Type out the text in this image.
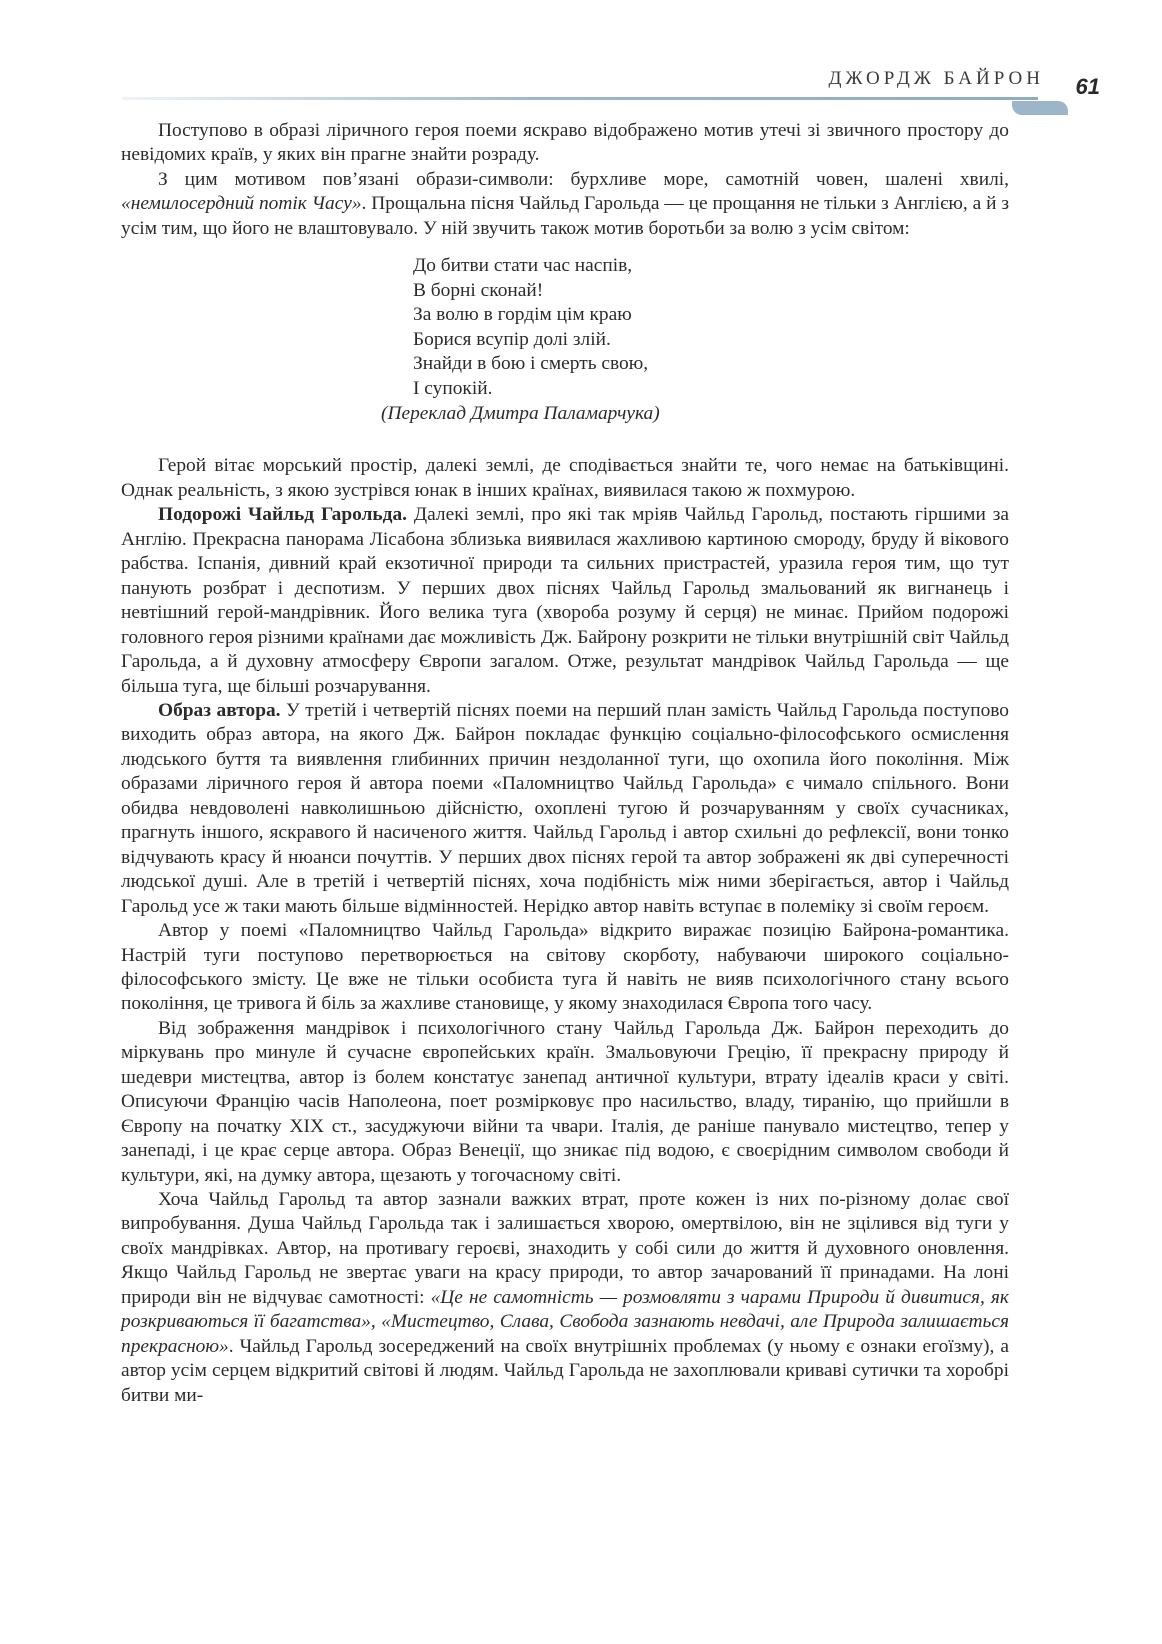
ДЖОРДЖ БАЙРОН 61

Поступово в образі ліричного героя поеми яскраво відображено мотив утечі зі звичного простору до невідомих країв, у яких він прагне знайти розраду.

З цим мотивом пов’язані образи-символи: бурхливе море, самотній човен, шалені хвилі, «немилосердний потік Часу». Прощальна пісня Чайльд Гарольда — це прощання не тільки з Англією, а й з усім тим, що його не влаштовувало. У ній звучить також мотив боротьби за волю з усім світом:

До битви стати час наспів,
В борні сконай!
За волю в гордім цім краю
Борися всупір долі злій.
Знайди в бою і смерть свою,
І супокій.
(Переклад Дмитра Паламарчука)

Герой вітає морський простір, далекі землі, де сподівається знайти те, чого немає на батьківщині. Однак реальність, з якою зустрівся юнак в інших країнах, виявилася такою ж похмурою.

Подорожі Чайльд Гарольда. Далекі землі, про які так мріяв Чайльд Гарольд, постають гіршими за Англію. Прекрасна панорама Лісабона зблизька виявилася жахливою картиною смороду, бруду й вікового рабства. Іспанія, дивний край екзотичної природи та сильних пристрастей, уразила героя тим, що тут панують розбрат і деспотизм. У перших двох піснях Чайльд Гарольд змальований як вигнанець і невтішний герой-мандрівник. Його велика туга (хвороба розуму й серця) не минає. Прийом подорожі головного героя різними країнами дає можливість Дж. Байрону розкрити не тільки внутрішній світ Чайльд Гарольда, а й духовну атмосферу Європи загалом. Отже, результат мандрівок Чайльд Гарольда — ще більша туга, ще більші розчарування.

Образ автора. У третій і четвертій піснях поеми на перший план замість Чайльд Гарольда поступово виходить образ автора, на якого Дж. Байрон покладає функцію соціально-філософського осмислення людського буття та виявлення глибинних причин нездоланної туги, що охопила його покоління. Між образами ліричного героя й автора поеми «Паломництво Чайльд Гарольда» є чимало спільного. Вони обидва невдоволені навколишньою дійсністю, охоплені тугою й розчаруванням у своїх сучасниках, прагнуть іншого, яскравого й насиченого життя. Чайльд Гарольд і автор схильні до рефлексії, вони тонко відчувають красу й нюанси почуттів. У перших двох піснях герой та автор зображені як дві суперечності людської душі. Але в третій і четвертій піснях, хоча подібність між ними зберігається, автор і Чайльд Гарольд усе ж таки мають більше відмінностей. Нерідко автор навіть вступає в полеміку зі своїм героєм.

Автор у поемі «Паломництво Чайльд Гарольда» відкрито виражає позицію Байрона-романтика. Настрій туги поступово перетворюється на світову скорботу, набуваючи широкого соціально-філософського змісту. Це вже не тільки особиста туга й навіть не вияв психологічного стану всього покоління, це тривога й біль за жахливе становище, у якому знаходилася Європа того часу.

Від зображення мандрівок і психологічного стану Чайльд Гарольда Дж. Байрон переходить до міркувань про минуле й сучасне європейських країн. Змальовуючи Грецію, її прекрасну природу й шедеври мистецтва, автор із болем констатує занепад античної культури, втрату ідеалів краси у світі. Описуючи Францію часів Наполеона, поет розмірковує про насильство, владу, тиранію, що прийшли в Європу на початку XIX ст., засуджуючи війни та чвари. Італія, де раніше панувало мистецтво, тепер у занепаді, і це крає серце автора. Образ Венеції, що зникає під водою, є своєрідним символом свободи й культури, які, на думку автора, щезають у тогочасному світі.

Хоча Чайльд Гарольд та автор зазнали важких втрат, проте кожен із них по-різному долає свої випробування. Душа Чайльд Гарольда так і залишається хворою, омертвілою, він не зцілився від туги у своїх мандрівках. Автор, на противагу героєві, знаходить у собі сили до життя й духовного оновлення. Якщо Чайльд Гарольд не звертає уваги на красу природи, то автор зачарований її принадами. На лоні природи він не відчуває самотності: «Це не самотність — розмовляти з чарами Природи й дивитися, як розкриваються її багатства», «Мистецтво, Слава, Свобода зазнають невдачі, але Природа залишається прекрасною». Чайльд Гарольд зосереджений на своїх внутрішніх проблемах (у ньому є ознаки егоїзму), а автор усім серцем відкритий світові й людям. Чайльд Гарольда не захоплювали криваві сутички та хоробрі битви ми-
